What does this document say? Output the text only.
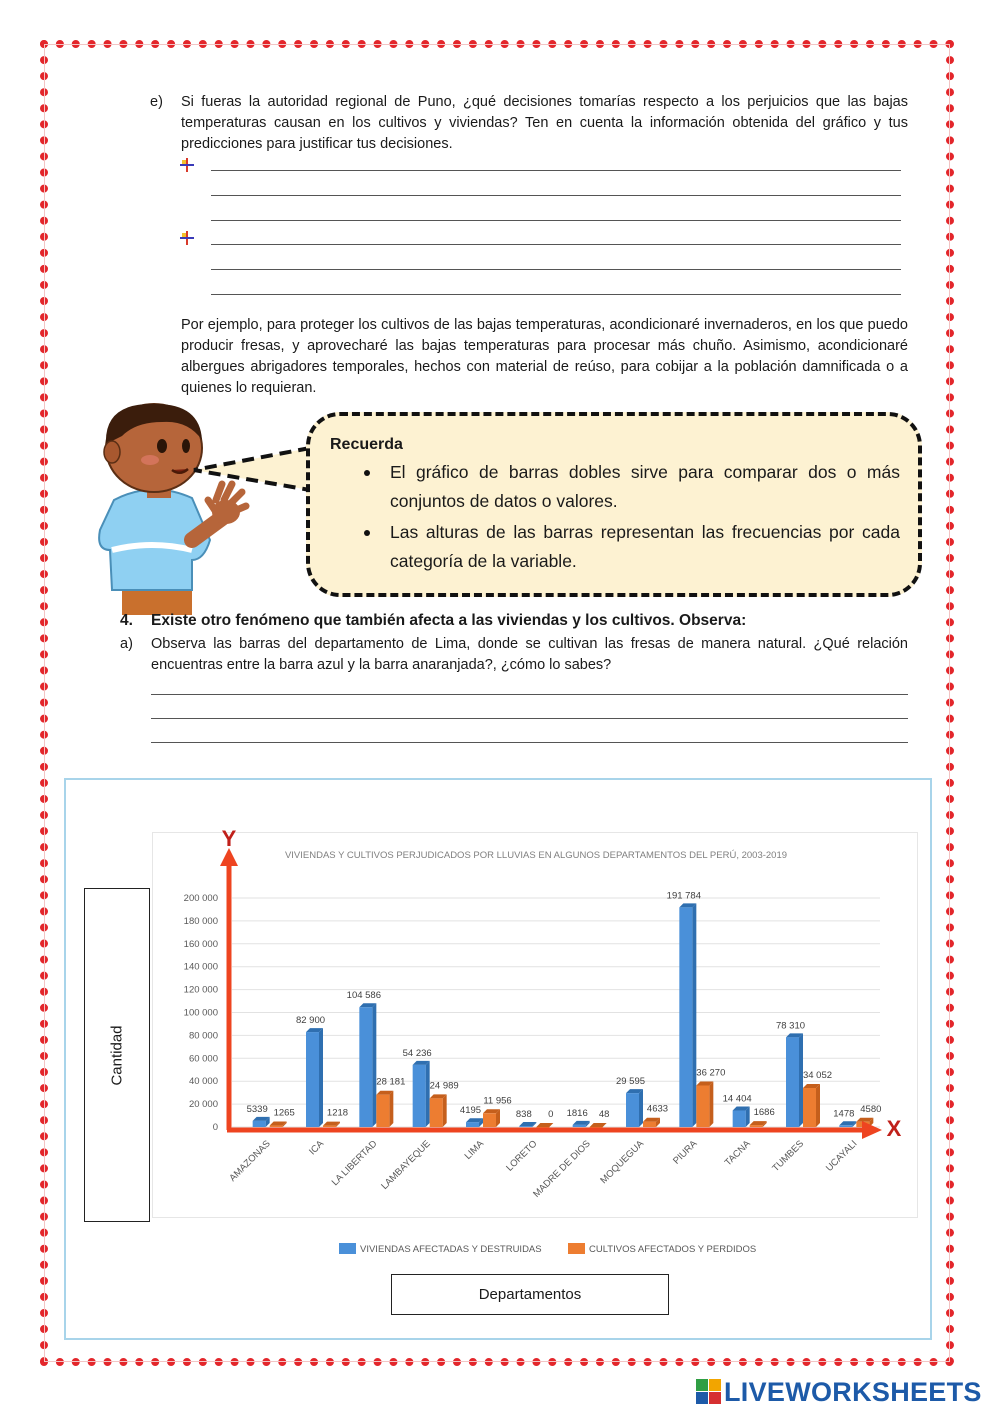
e) Si fueras la autoridad regional de Puno, ¿qué decisiones tomarías respecto a los perjuicios que las bajas temperaturas causan en los cultivos y viviendas? Ten en cuenta la información obtenida del gráfico y tus predicciones para justificar tus decisiones.
Por ejemplo, para proteger los cultivos de las bajas temperaturas, acondicionaré invernaderos, en los que puedo producir fresas, y aprovecharé las bajas temperaturas para procesar más chuño. Asimismo, acondicionaré albergues abrigadores temporales, hechos con material de reúso, para cobijar a la población damnificada o a quienes lo requieran.
Recuerda
El gráfico de barras dobles sirve para comparar dos o más conjuntos de datos o valores.
Las alturas de las barras representan las frecuencias por cada categoría de la variable.
4. Existe otro fenómeno que también afecta a las viviendas y los cultivos. Observa:
a) Observa las barras del departamento de Lima, donde se cultivan las fresas de manera natural. ¿Qué relación encuentras entre la barra azul y la barra anaranjada?, ¿cómo lo sabes?
Cantidad
Departamentos
VIVIENDAS Y CULTIVOS PERJUDICADOS POR LLUVIAS EN ALGUNOS DEPARTAMENTOS DEL PERÚ, 2003-2019
0
20 000
40 000
60 000
80 000
100 000
120 000
140 000
160 000
180 000
200 000
5339 1265
AMAZONAS
82 900
1218
ICA
104 586
28 181
LA LIBERTAD
54 236
24 989
LAMBAYEQUE
4195
11 956
LIMA
838 0
LORETO
1816 48
MADRE DE DIOS
29 595
4633
MOQUEGUA
191 784
36 270
PIURA
14 404
1686
TACNA
78 310
34 052
TUMBES
1478 4580
UCAYALI
Y
X
VIVIENDAS AFECTADAS Y DESTRUIDAS	CULTIVOS AFECTADOS Y PERDIDOS
LIVEWORKSHEETS
